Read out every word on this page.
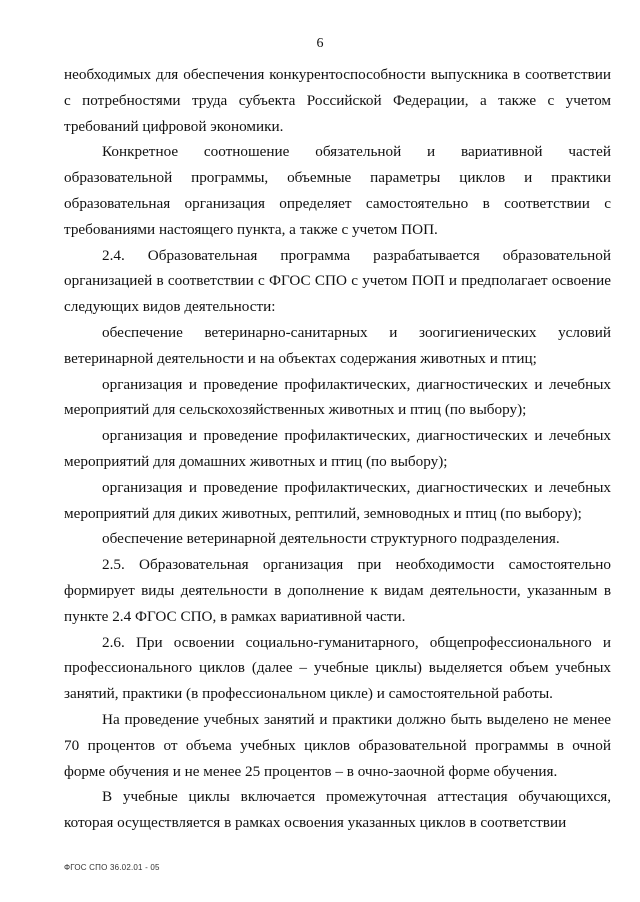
6

необходимых для обеспечения конкурентоспособности выпускника в соответствии с потребностями труда субъекта Российской Федерации, а также с учетом требований цифровой экономики.

Конкретное соотношение обязательной и вариативной частей образовательной программы, объемные параметры циклов и практики образовательная организация определяет самостоятельно в соответствии с требованиями настоящего пункта, а также с учетом ПОП.

2.4. Образовательная программа разрабатывается образовательной организацией в соответствии с ФГОС СПО с учетом ПОП и предполагает освоение следующих видов деятельности:

обеспечение ветеринарно-санитарных и зоогигиенических условий ветеринарной деятельности и на объектах содержания животных и птиц;

организация и проведение профилактических, диагностических и лечебных мероприятий для сельскохозяйственных животных и птиц (по выбору);

организация и проведение профилактических, диагностических и лечебных мероприятий для домашних животных и птиц (по выбору);

организация и проведение профилактических, диагностических и лечебных мероприятий для диких животных, рептилий, земноводных и птиц (по выбору);

обеспечение ветеринарной деятельности структурного подразделения.

2.5. Образовательная организация при необходимости самостоятельно формирует виды деятельности в дополнение к видам деятельности, указанным в пункте 2.4 ФГОС СПО, в рамках вариативной части.

2.6. При освоении социально-гуманитарного, общепрофессионального и профессионального циклов (далее – учебные циклы) выделяется объем учебных занятий, практики (в профессиональном цикле) и самостоятельной работы.

На проведение учебных занятий и практики должно быть выделено не менее 70 процентов от объема учебных циклов образовательной программы в очной форме обучения и не менее 25 процентов – в очно-заочной форме обучения.

В учебные циклы включается промежуточная аттестация обучающихся, которая осуществляется в рамках освоения указанных циклов в соответствии

ФГОС СПО 36.02.01 - 05
